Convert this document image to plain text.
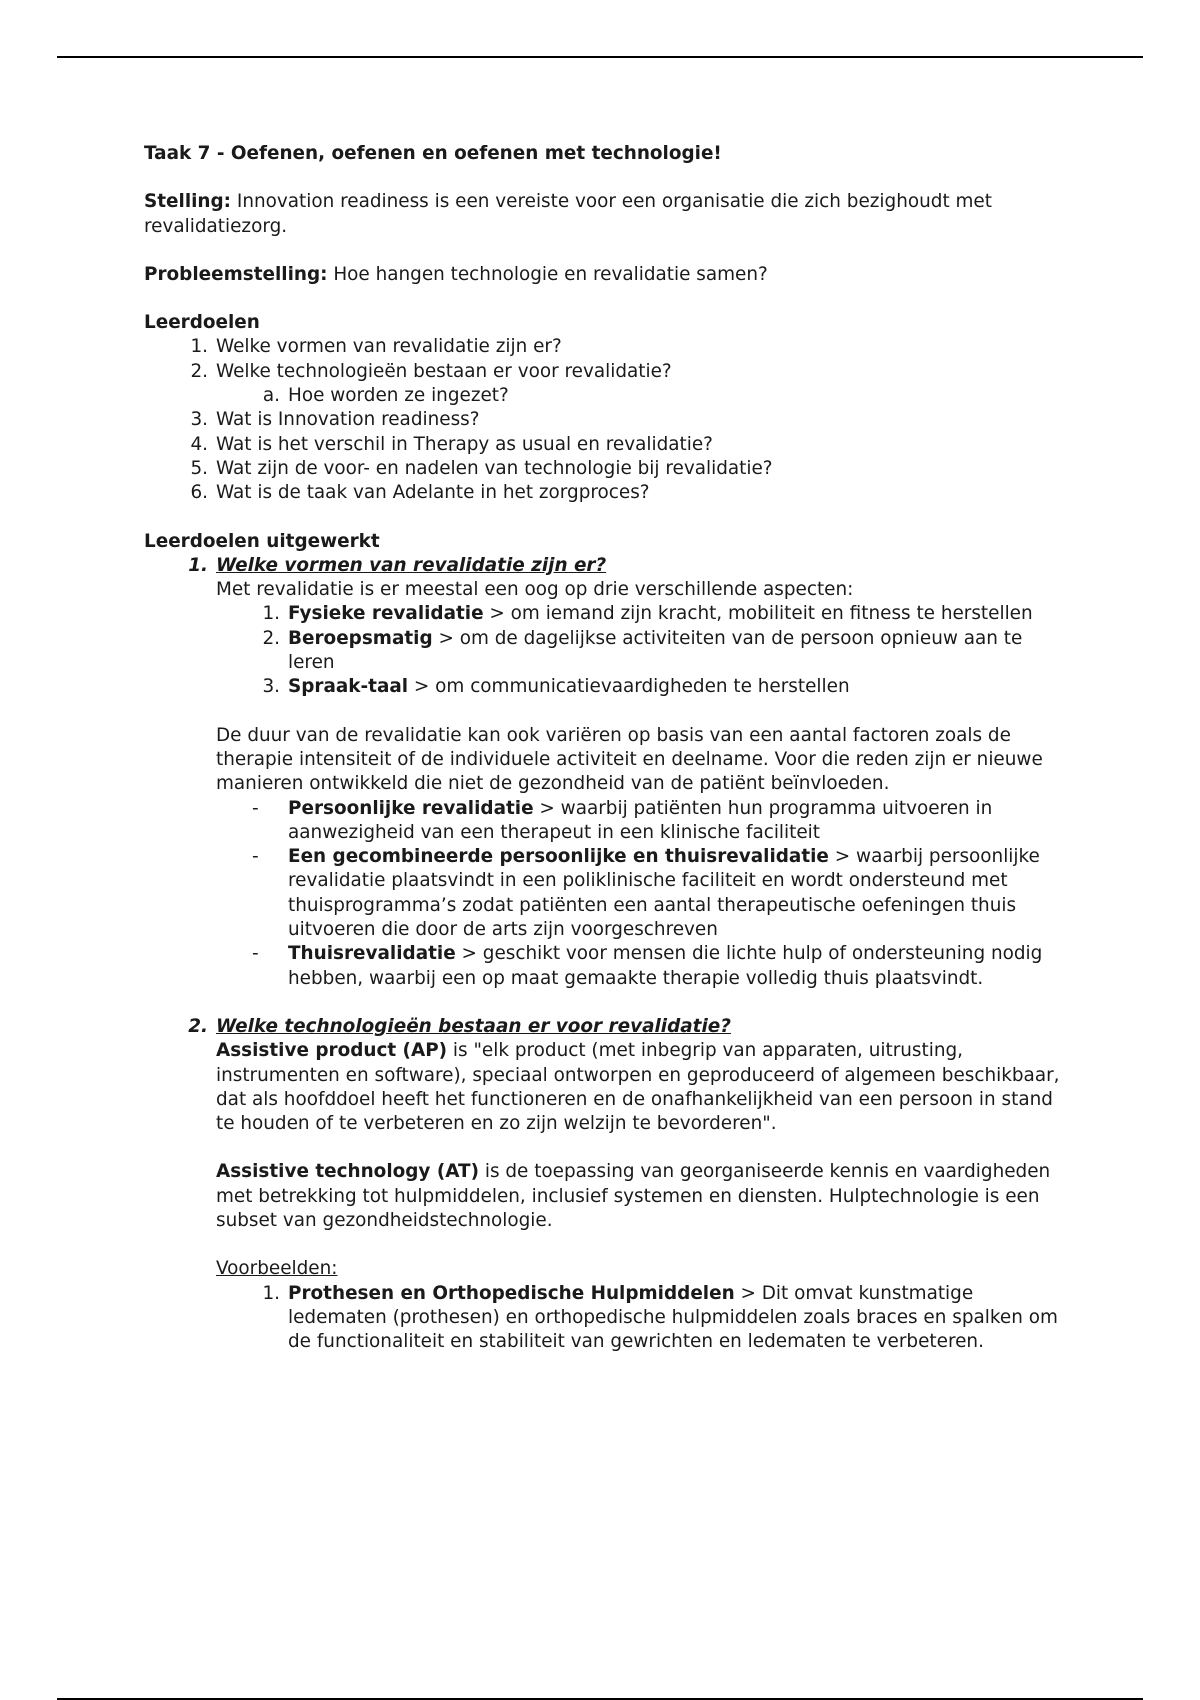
Taak 7 - Oefenen, oefenen en oefenen met technologie!

Stelling: Innovation readiness is een vereiste voor een organisatie die zich bezighoudt met revalidatiezorg.

Probleemstelling: Hoe hangen technologie en revalidatie samen?

Leerdoelen

1. Welke vormen van revalidatie zijn er?

2. Welke technologieën bestaan er voor revalidatie?

a. Hoe worden ze ingezet?

3. Wat is Innovation readiness?

4. Wat is het verschil in Therapy as usual en revalidatie?

5. Wat zijn de voor- en nadelen van technologie bij revalidatie?

6. Wat is de taak van Adelante in het zorgproces?

Leerdoelen uitgewerkt

1. Welke vormen van revalidatie zijn er?

Met revalidatie is er meestal een oog op drie verschillende aspecten:

1. Fysieke revalidatie > om iemand zijn kracht, mobiliteit en fitness te herstellen

2. Beroepsmatig > om de dagelijkse activiteiten van de persoon opnieuw aan te leren

3. Spraak-taal > om communicatievaardigheden te herstellen

De duur van de revalidatie kan ook variëren op basis van een aantal factoren zoals de therapie intensiteit of de individuele activiteit en deelname. Voor die reden zijn er nieuwe manieren ontwikkeld die niet de gezondheid van de patiënt beïnvloeden.

- Persoonlijke revalidatie > waarbij patiënten hun programma uitvoeren in aanwezigheid van een therapeut in een klinische faciliteit

- Een gecombineerde persoonlijke en thuisrevalidatie > waarbij persoonlijke revalidatie plaatsvindt in een poliklinische faciliteit en wordt ondersteund met thuisprogramma’s zodat patiënten een aantal therapeutische oefeningen thuis uitvoeren die door de arts zijn voorgeschreven

- Thuisrevalidatie > geschikt voor mensen die lichte hulp of ondersteuning nodig hebben, waarbij een op maat gemaakte therapie volledig thuis plaatsvindt.

2. Welke technologieën bestaan er voor revalidatie?

Assistive product (AP) is "elk product (met inbegrip van apparaten, uitrusting, instrumenten en software), speciaal ontworpen en geproduceerd of algemeen beschikbaar, dat als hoofddoel heeft het functioneren en de onafhankelijkheid van een persoon in stand te houden of te verbeteren en zo zijn welzijn te bevorderen".

Assistive technology (AT) is de toepassing van georganiseerde kennis en vaardigheden met betrekking tot hulpmiddelen, inclusief systemen en diensten. Hulptechnologie is een subset van gezondheidstechnologie.

Voorbeelden:

1. Prothesen en Orthopedische Hulpmiddelen > Dit omvat kunstmatige ledematen (prothesen) en orthopedische hulpmiddelen zoals braces en spalken om de functionaliteit en stabiliteit van gewrichten en ledematen te verbeteren.
